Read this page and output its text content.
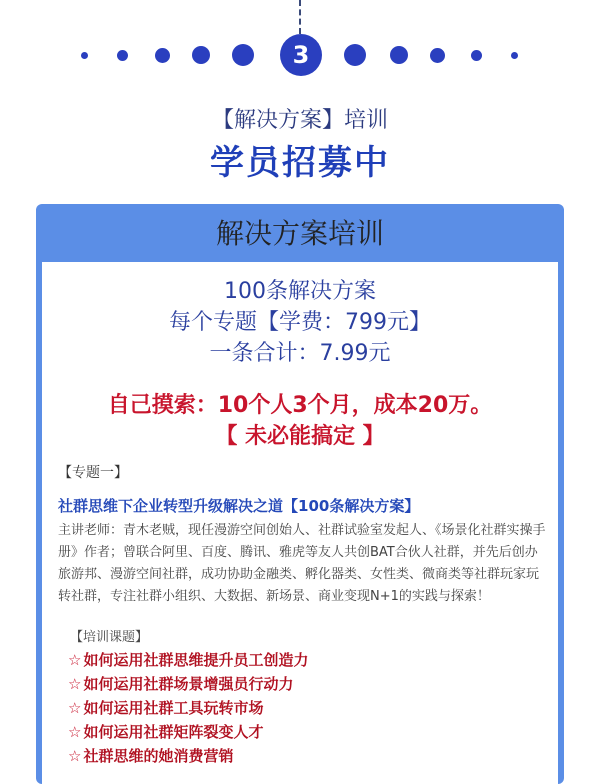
3
【解决方案】培训
学员招募中
解决方案培训
100条解决方案
每个专题【学费：799元】
一条合计：7.99元
自己摸索：10个人3个月，成本20万。
【 未必能搞定 】
【专题一】
社群思维下企业转型升级解决之道【100条解决方案】
主讲老师：青木老贼，现任漫游空间创始人、社群试验室发起人、《场景化社群实操手册》作者；曾联合阿里、百度、腾讯、雅虎等友人共创BAT合伙人社群，并先后创办旅游邦、漫游空间社群，成功协助金融类、孵化器类、女性类、微商类等社群玩家玩转社群，专注社群小组织、大数据、新场景、商业变现N+1的实践与探索！
【培训课题】
☆ 如何运用社群思维提升员工创造力
☆ 如何运用社群场景增强员行动力
☆ 如何运用社群工具玩转市场
☆ 如何运用社群矩阵裂变人才
☆ 社群思维的她消费营销
